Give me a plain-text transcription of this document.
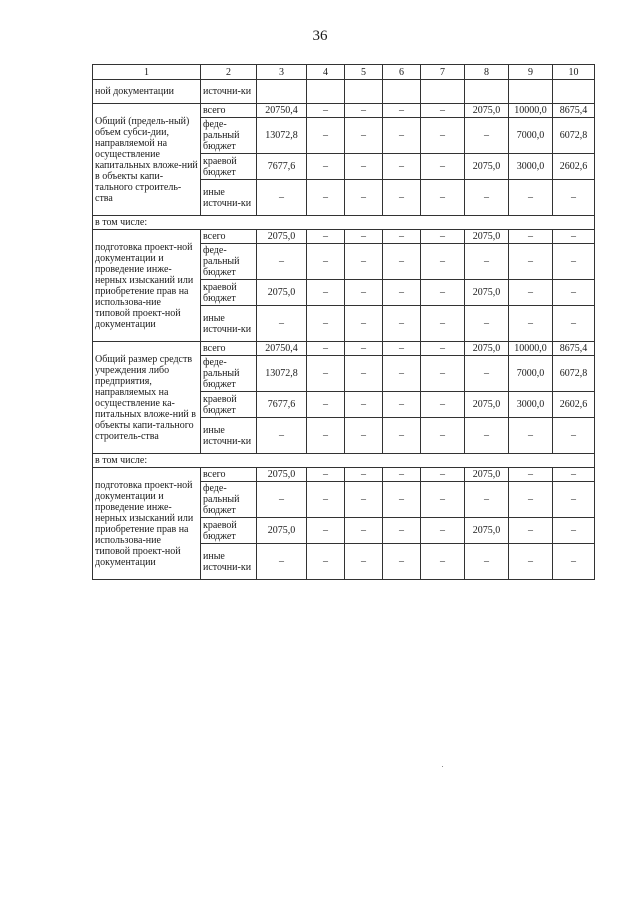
36
1	2	3	4	5	6	7	8	9	10
ной документации	источни-ки								
Общий (предель-ный) объем субси-дии, направляемой на осуществление капитальных вложе-ний в объекты капи-тального строитель-ства	всего	20750,4	–	–	–	–	2075,0	10000,0	8675,4
	феде-ральный бюджет	13072,8	–	–	–	–	–	7000,0	6072,8
	краевой бюджет	7677,6	–	–	–	–	2075,0	3000,0	2602,6
	иные источни-ки	–	–	–	–	–	–	–	–
в том числе:									
подготовка проект-ной документации и проведение инже-нерных изысканий или приобретение прав на использова-ние типовой проект-ной документации	всего	2075,0	–	–	–	–	2075,0	–	–
	феде-ральный бюджет	–	–	–	–	–	–	–	–
	краевой бюджет	2075,0	–	–	–	–	2075,0	–	–
	иные источни-ки	–	–	–	–	–	–	–	–
Общий размер средств учреждения либо предприятия, направляемых на осуществление ка-питальных вложе-ний в объекты капи-тального строитель-ства	всего	20750,4	–	–	–	–	2075,0	10000,0	8675,4
	феде-ральный бюджет	13072,8	–	–	–	–	–	7000,0	6072,8
	краевой бюджет	7677,6	–	–	–	–	2075,0	3000,0	2602,6
	иные источни-ки	–	–	–	–	–	–	–	–
в том числе:									
подготовка проект-ной документации и проведение инже-нерных изысканий или приобретение прав на использова-ние типовой проект-ной документации	всего	2075,0	–	–	–	–	2075,0	–	–
	феде-ральный бюджет	–	–	–	–	–	–	–	–
	краевой бюджет	2075,0	–	–	–	–	2075,0	–	–
	иные источни-ки	–	–	–	–	–	–	–	–
